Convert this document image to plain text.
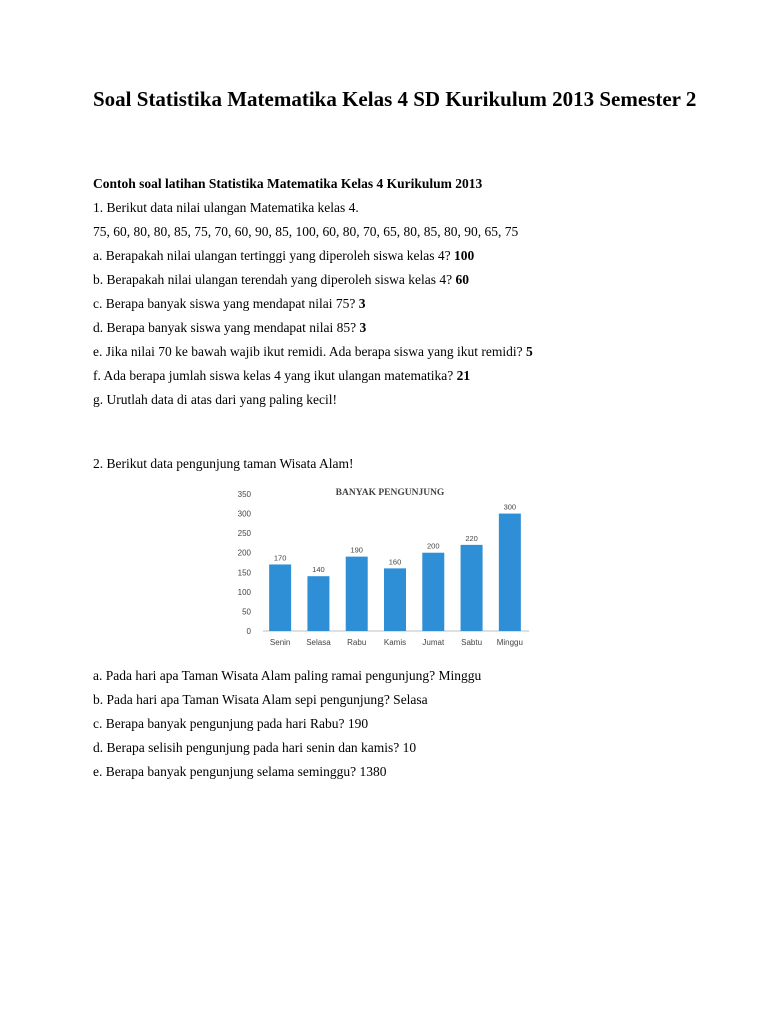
Soal Statistika Matematika Kelas 4 SD Kurikulum 2013 Semester 2
Contoh soal latihan Statistika Matematika Kelas 4 Kurikulum 2013
1. Berikut data nilai ulangan Matematika kelas 4.
75, 60, 80, 80, 85, 75, 70, 60, 90, 85, 100, 60, 80, 70, 65, 80, 85, 80, 90, 65, 75
a. Berapakah nilai ulangan tertinggi yang diperoleh siswa kelas 4? 100
b. Berapakah nilai ulangan terendah yang diperoleh siswa kelas 4? 60
c. Berapa banyak siswa yang mendapat nilai 75? 3
d. Berapa banyak siswa yang mendapat nilai 85? 3
e. Jika nilai 70 ke bawah wajib ikut remidi. Ada berapa siswa yang ikut remidi? 5
f. Ada berapa jumlah siswa kelas 4 yang ikut ulangan matematika? 21
g. Urutlah data di atas dari yang paling kecil!
2. Berikut data pengunjung taman Wisata Alam!
0
50
100
150
200
250
300
350	BANYAK PENGUNJUNG
170
Senin
140
Selasa
190
Rabu
160
Kamis
200
Jumat
220
Sabtu
300
Minggu
a. Pada hari apa Taman Wisata Alam paling ramai pengunjung? Minggu
b. Pada hari apa Taman Wisata Alam sepi pengunjung? Selasa
c. Berapa banyak pengunjung pada hari Rabu? 190
d. Berapa selisih pengunjung pada hari senin dan kamis? 10
e. Berapa banyak pengunjung selama seminggu? 1380
